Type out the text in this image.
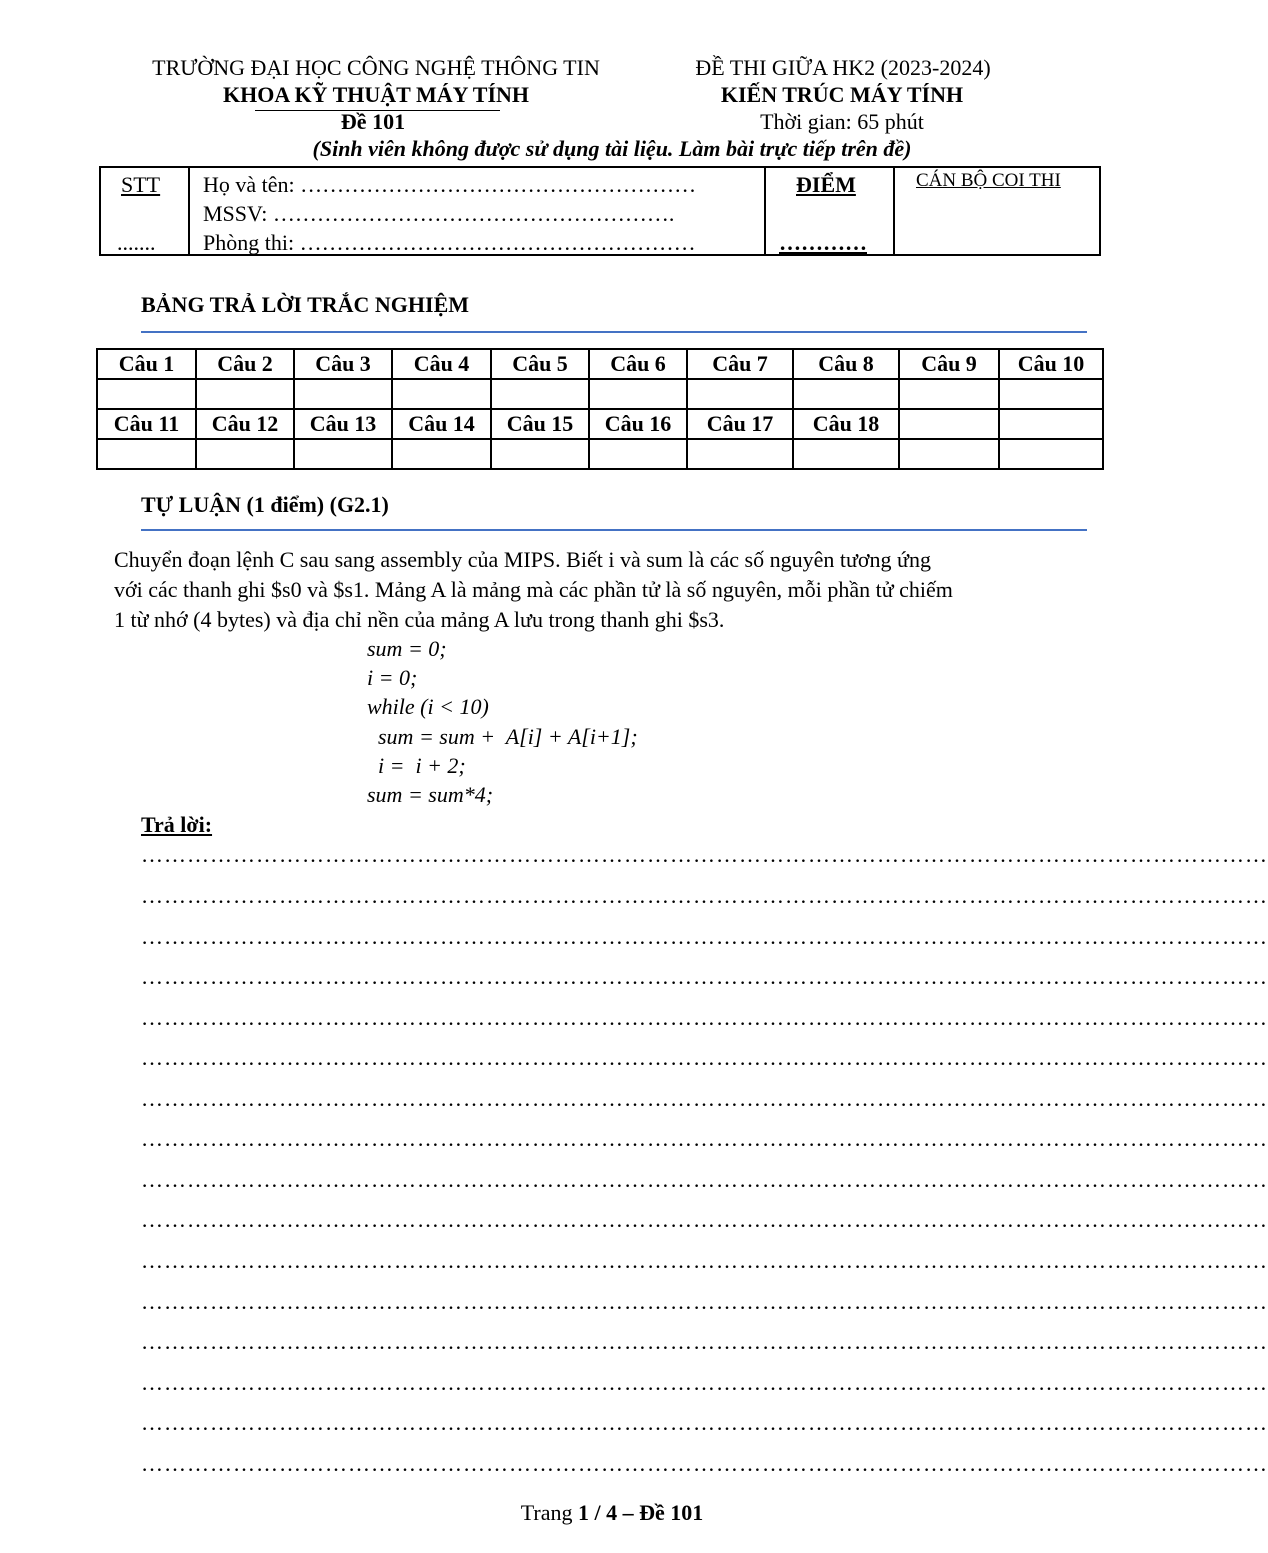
TRƯỜNG ĐẠI HỌC CÔNG NGHỆ THÔNG TIN
KHOA KỸ THUẬT MÁY TÍNH
Đề 101
ĐỀ THI GIỮA HK2 (2023-2024)
KIẾN TRÚC MÁY TÍNH
Thời gian: 65 phút
(Sinh viên không được sử dụng tài liệu. Làm bài trực tiếp trên đề)
STT
.......
Họ và tên: ………………………………………………
MSSV: ……………………………………………….
Phòng thi: ………………………………………………
ĐIỂM
…………
CÁN BỘ COI THI
BẢNG TRẢ LỜI TRẮC NGHIỆM
Câu 1	Câu 2	Câu 3	Câu 4	Câu 5	Câu 6	Câu 7	Câu 8	Câu 9	Câu 10

Câu 11	Câu 12	Câu 13	Câu 14	Câu 15	Câu 16	Câu 17	Câu 18		

TỰ LUẬN (1 điểm) (G2.1)
Chuyển đoạn lệnh C sau sang assembly của MIPS. Biết i và sum là các số nguyên tương ứng
với các thanh ghi $s0 và $s1. Mảng A là mảng mà các phần tử là số nguyên, mỗi phần tử chiếm
1 từ nhớ (4 bytes) và địa chỉ nền của mảng A lưu trong thanh ghi $s3.
sum = 0;
i = 0;
while (i < 10)
sum = sum +  A[i] + A[i+1];
i =  i + 2;
sum = sum*4;
Trả lời:
…………………………………………………………………………………………………………………………………
…………………………………………………………………………………………………………………………………
…………………………………………………………………………………………………………………………………
…………………………………………………………………………………………………………………………………
…………………………………………………………………………………………………………………………………
…………………………………………………………………………………………………………………………………
…………………………………………………………………………………………………………………………………
…………………………………………………………………………………………………………………………………
…………………………………………………………………………………………………………………………………
…………………………………………………………………………………………………………………………………
…………………………………………………………………………………………………………………………………
…………………………………………………………………………………………………………………………………
…………………………………………………………………………………………………………………………………
…………………………………………………………………………………………………………………………………
…………………………………………………………………………………………………………………………………
…………………………………………………………………………………………………………………………………
Trang 1 / 4 – Đề 101
